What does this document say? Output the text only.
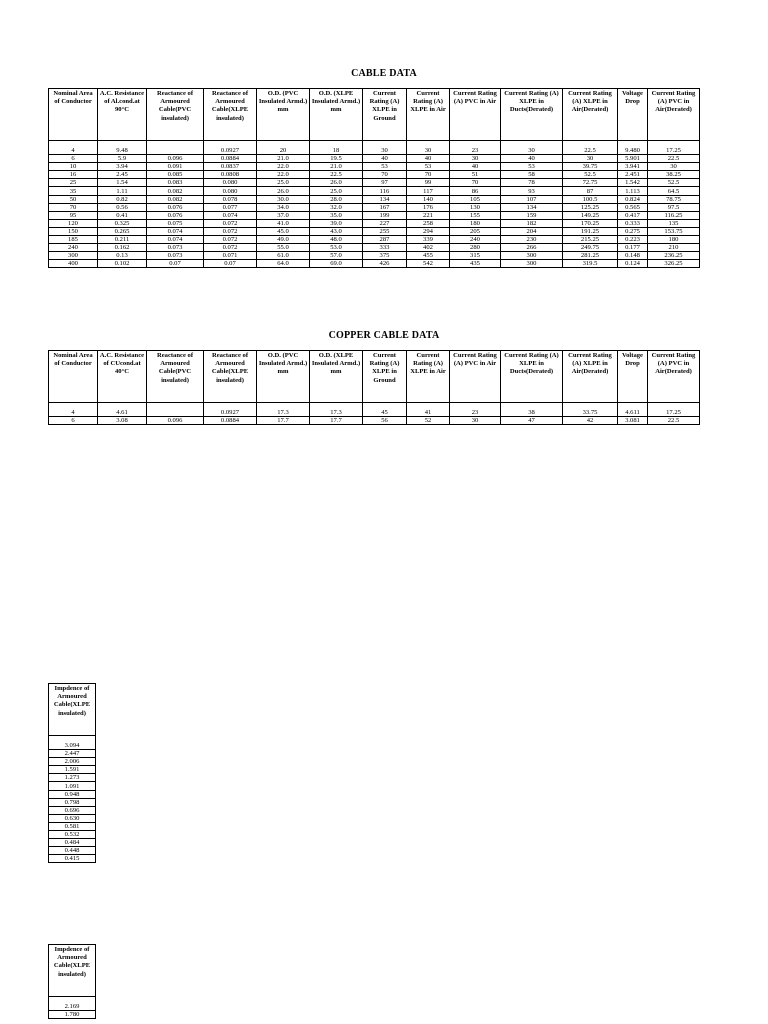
CABLE DATA
Nominal Area of Conductor	A.C. Resistance of Al.cond.at 90°C	Reactance of Armoured Cable(PVC insulated)	Reactance of Armoured Cable(XLPE insulated)	O.D. (PVC Insulated Armd.) mm	O.D. (XLPE Insulated Armd.) mm	Current Rating (A) XLPE in Ground	Current Rating (A) XLPE in Air	Current Rating (A) PVC in Air	Current Rating (A) XLPE in Ducts(Derated)	Current Rating (A) XLPE in Air(Derated)	Voltage Drop	Current Rating (A) PVC in Air(Derated)

4	9.48		0.0927	20	18	30	30	23	30	22.5	9.480	17.25
6	5.9	0.096	0.0884	21.0	19.5	40	40	30	40	30	5.901	22.5
10	3.94	0.091	0.0837	22.0	21.0	53	53	40	53	39.75	3.941	30
16	2.45	0.085	0.0808	22.0	22.5	70	70	51	58	52.5	2.451	38.25
25	1.54	0.083	0.080	25.0	26.0	97	99	70	78	72.75	1.542	52.5
35	1.11	0.082	0.080	26.0	25.0	116	117	86	93	87	1.113	64.5
50	0.82	0.082	0.078	30.0	28.0	134	140	105	107	100.5	0.824	78.75
70	0.56	0.076	0.077	34.0	32.0	167	176	130	134	125.25	0.565	97.5
95	0.41	0.076	0.074	37.0	35.0	199	221	155	159	149.25	0.417	116.25
120	0.325	0.075	0.072	41.0	39.0	227	258	180	182	170.25	0.333	135
150	0.265	0.074	0.072	45.0	43.0	255	294	205	204	191.25	0.275	153.75
185	0.211	0.074	0.072	49.0	48.0	287	339	240	230	215.25	0.223	180
240	0.162	0.073	0.072	55.0	53.0	333	402	280	266	249.75	0.177	210
300	0.13	0.073	0.071	61.0	57.0	375	455	315	300	281.25	0.148	236.25
400	0.102	0.07	0.07	64.0	69.0	426	542	435	300	319.5	0.124	326.25
COPPER CABLE DATA
Nominal Area of Conductor	A.C. Resistance of CUcond.at 40°C	Reactance of Armoured Cable(PVC insulated)	Reactance of Armoured Cable(XLPE insulated)	O.D. (PVC Insulated Armd.) mm	O.D. (XLPE Insulated Armd.) mm	Current Rating (A) XLPE in Ground	Current Rating (A) XLPE in Air	Current Rating (A) PVC in Air	Current Rating (A) XLPE in Ducts(Derated)	Current Rating (A) XLPE in Air(Derated)	Voltage Drop	Current Rating (A) PVC in Air(Derated)

4	4.61		0.0927	17.3	17.3	45	41	23	38	33.75	4.611	17.25
6	3.08	0.096	0.0884	17.7	17.7	56	52	30	47	42	3.081	22.5
Impdence of Armoured Cable(XLPE insulated)

3.094
2.447
2.006
1.591
1.273
1.091
0.948
0.798
0.696
0.630
0.581
0.532
0.484
0.448
0.415
Impdence of Armoured Cable(XLPE insulated)

2.169
1.780
